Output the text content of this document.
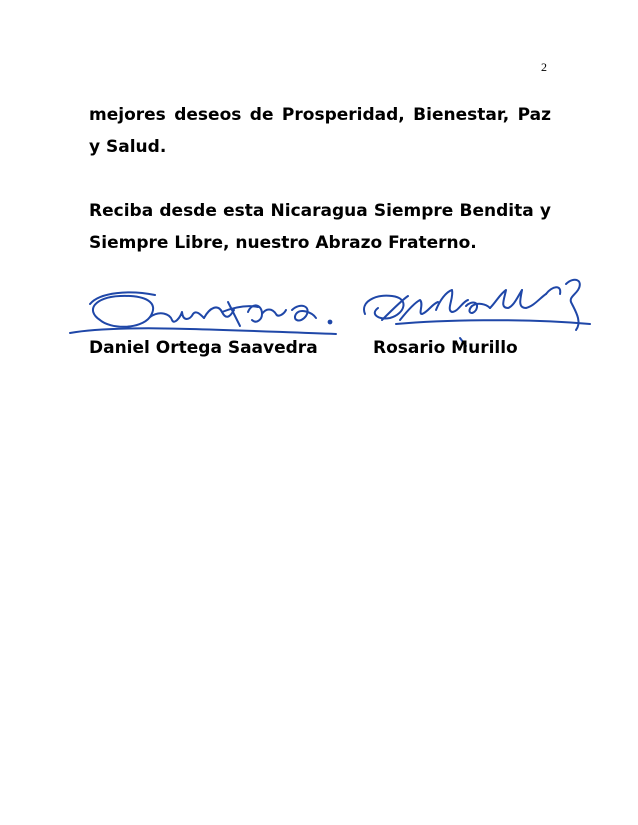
2

mejores deseos de Prosperidad, Bienestar, Paz y Salud.

Reciba desde esta Nicaragua Siempre Bendita y Siempre Libre, nuestro Abrazo Fraterno.

Daniel Ortega Saavedra	Rosario Murillo
